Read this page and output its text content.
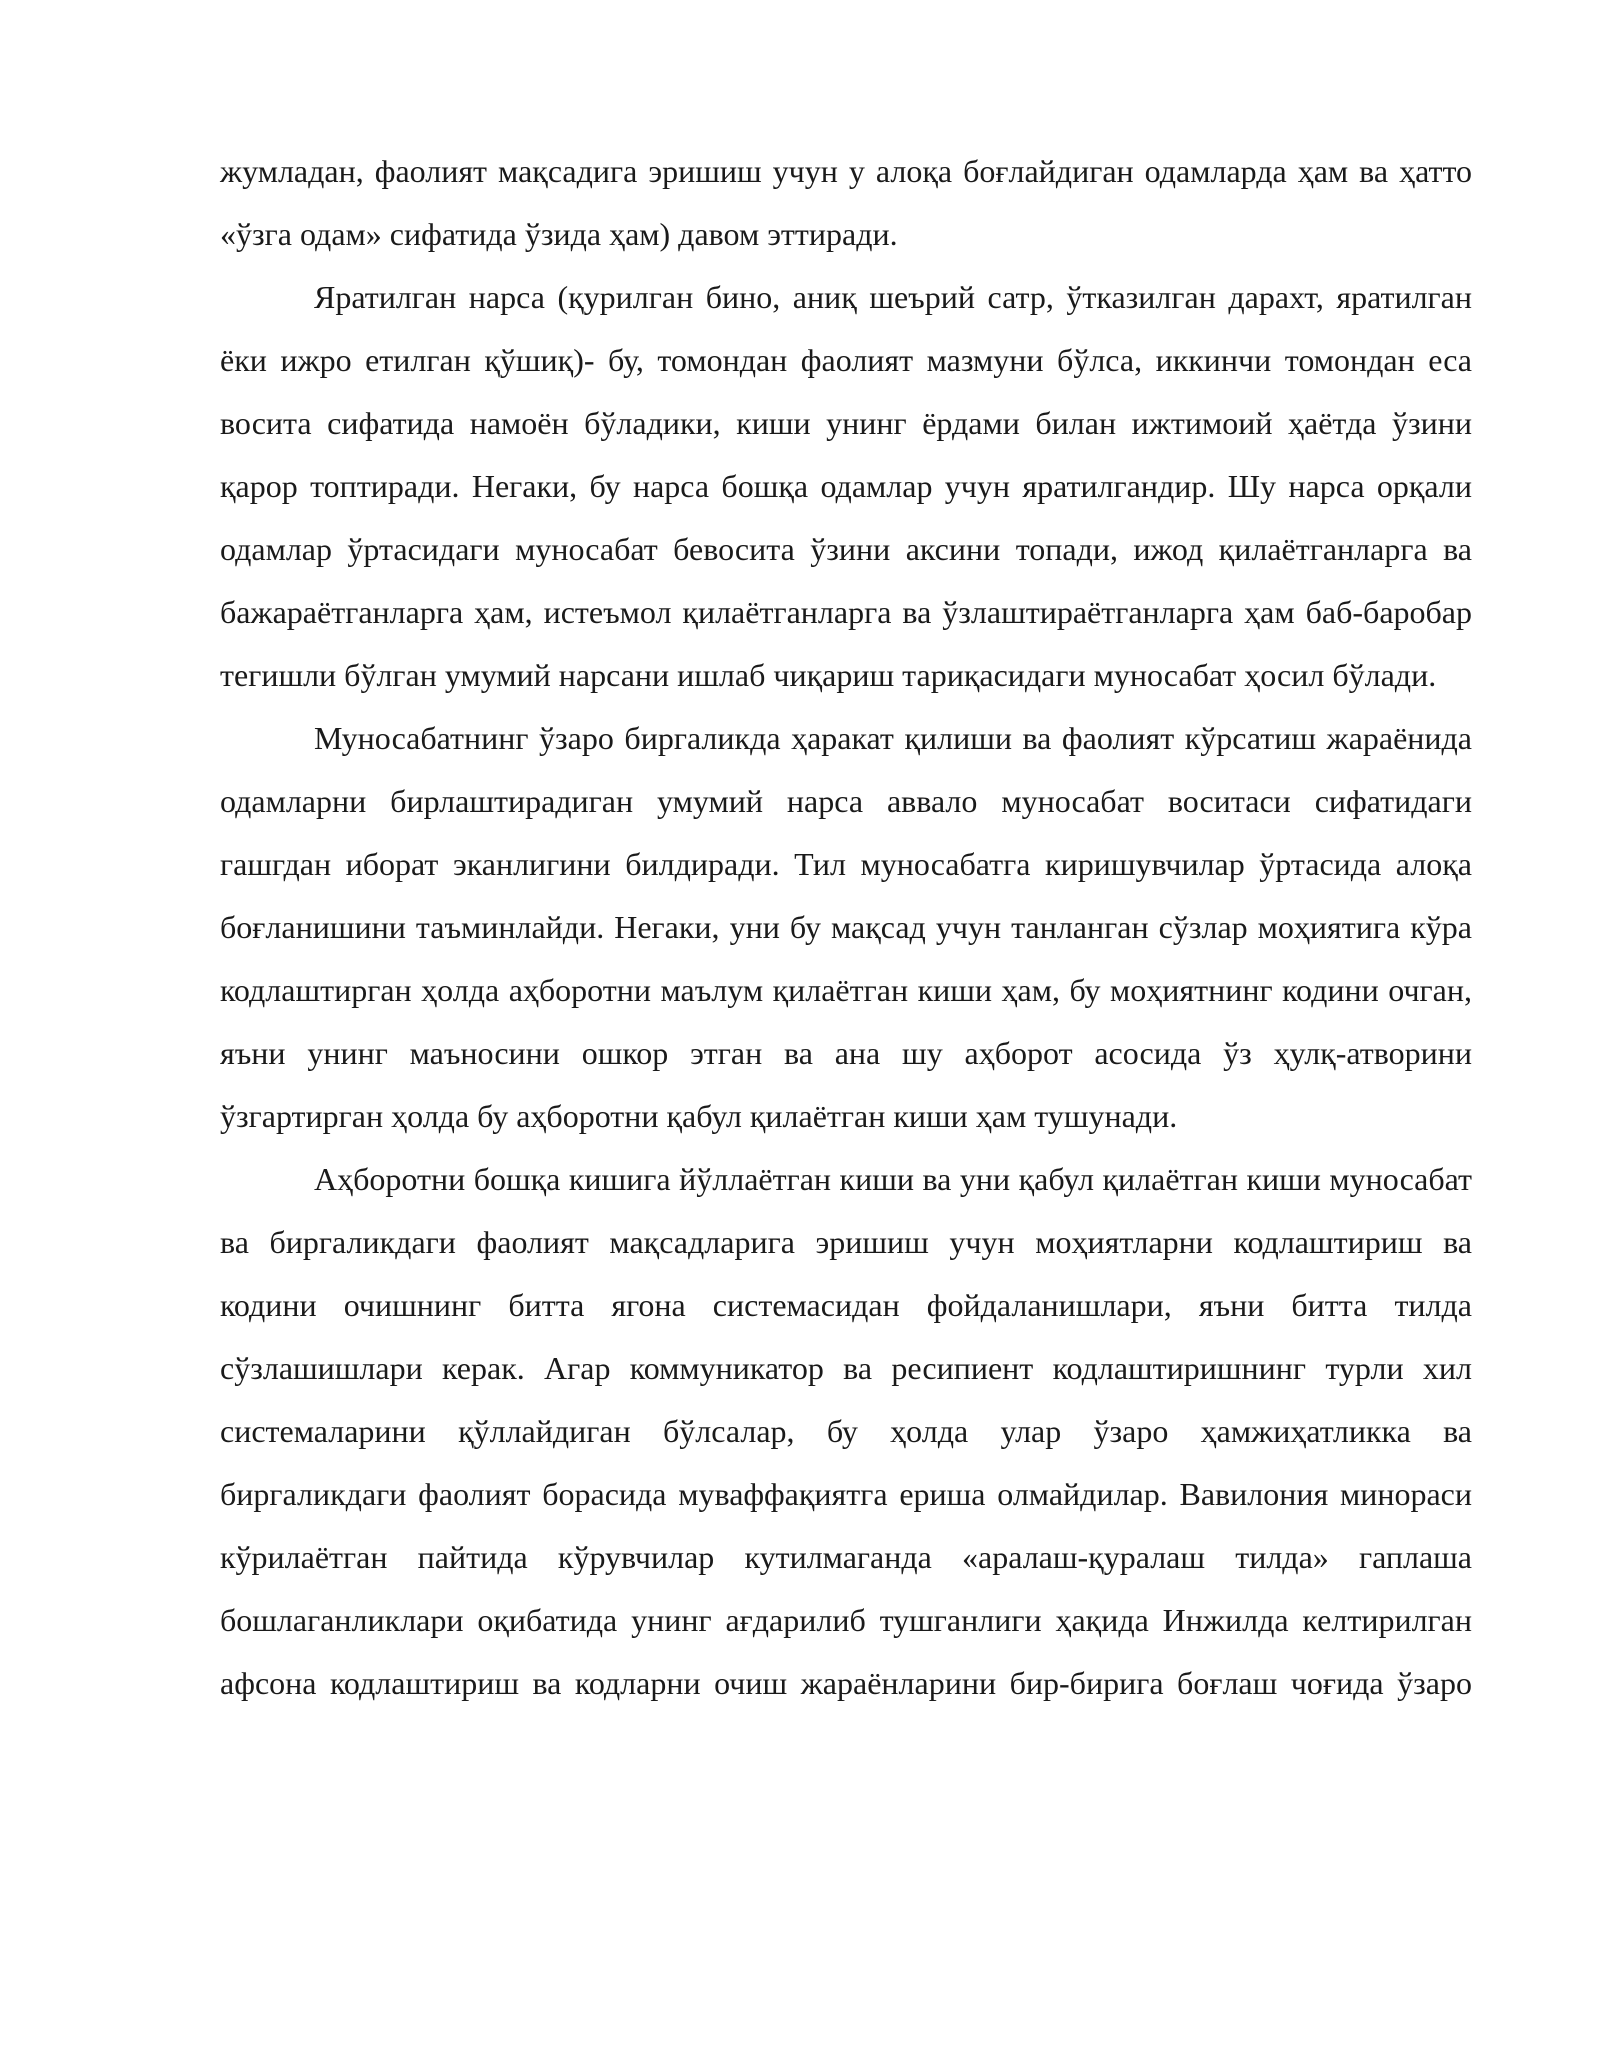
жумладан, фаолият мақсадига эришиш учун у алоқа боғлайдиган одамларда ҳам ва ҳатто «ўзга одам» сифатида ўзида ҳам) давом эттиради.

Яратилган нарса (қурилган бино, аниқ шеърий сатр, ўтказилган дарахт, яратилган ёки ижро етилган қўшиқ)- бу, томондан фаолият мазмуни бўлса, иккинчи томондан еса восита сифатида намоён бўладики, киши унинг ёрдами билан ижтимоий ҳаётда ўзини қарор топтиради. Негаки, бу нарса бошқа одамлар учун яратилгандир. Шу нарса орқали одамлар ўртасидаги муносабат бевосита ўзини аксини топади, ижод қилаётганларга ва бажараётганларга ҳам, истеъмол қилаётганларга ва ўзлаштираётганларга ҳам баб-баробар тегишли бўлган умумий нарсани ишлаб чиқариш тариқасидаги муносабат ҳосил бўлади.

Муносабатнинг ўзаро биргаликда ҳаракат қилиши ва фаолият кўрсатиш жараёнида одамларни бирлаштирадиган умумий нарса аввало муносабат воситаси сифатидаги гашгдан иборат эканлигини билдиради. Тил муносабатга киришувчилар ўртасида алоқа боғланишини таъминлайди. Негаки, уни бу мақсад учун танланган сўзлар моҳиятига кўра кодлаштирган ҳолда аҳборотни маълум қилаётган киши ҳам, бу моҳиятнинг кодини очган, яъни унинг маъносини ошкор этган ва ана шу аҳборот асосида ўз ҳулқ-атворини ўзгартирган ҳолда бу аҳборотни қабул қилаётган киши ҳам тушунади.

Аҳборотни бошқа кишига йўллаётган киши ва уни қабул қилаётган киши муносабат ва биргаликдаги фаолият мақсадларига эришиш учун моҳиятларни кодлаштириш ва кодини очишнинг битта ягона системасидан фойдаланишлари, яъни битта тилда сўзлашишлари керак. Агар коммуникатор ва ресипиент кодлаштиришнинг турли хил системаларини қўллайдиган бўлсалар, бу ҳолда улар ўзаро ҳамжиҳатликка ва биргаликдаги фаолият борасида муваффақиятга ериша олмайдилар. Вавилония минораси кўрилаётган пайтида кўрувчилар кутилмаганда «аралаш-қуралаш тилда» гаплаша бошлаганликлари оқибатида унинг ағдарилиб тушганлиги ҳақида Инжилда келтирилган афсона кодлаштириш ва кодларни очиш жараёнларини бир-бирига боғлаш чоғида ўзаро
